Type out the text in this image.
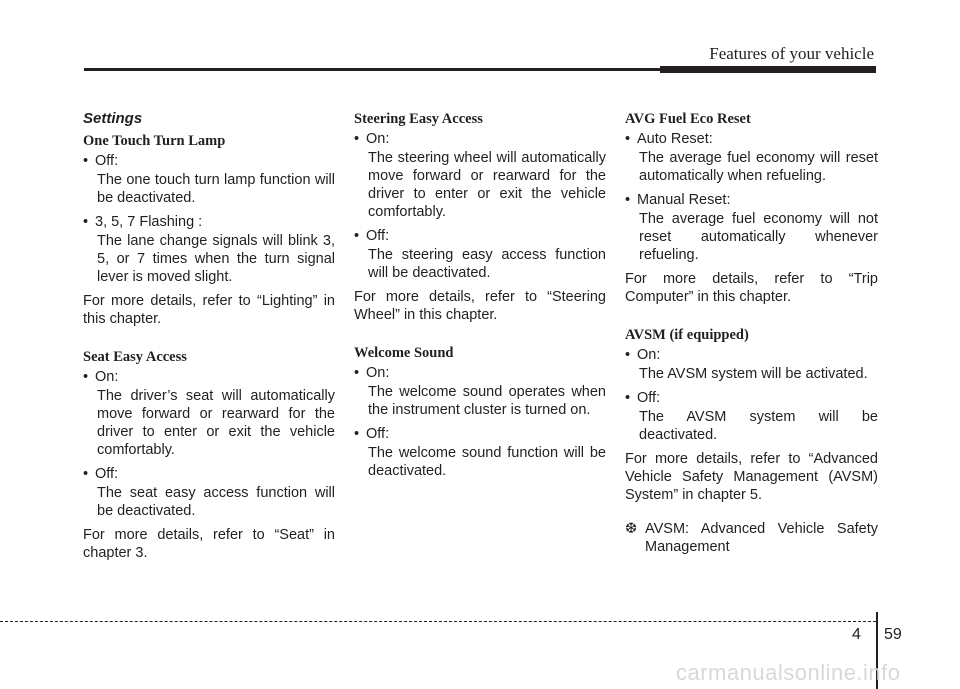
Features of your vehicle
Settings
One Touch Turn Lamp
• Off:
The one touch turn lamp function will be deactivated.
• 3, 5, 7 Flashing :
The lane change signals will blink 3, 5, or 7 times when the turn signal lever is moved slight.
For more details, refer to “Lighting” in this chapter.
Seat Easy Access
• On:
The driver’s seat will automatically move forward or rearward for the driver to enter or exit the vehicle comfortably.
• Off:
The seat easy access function will be deactivated.
For more details, refer to “Seat” in chapter 3.
Steering Easy Access
• On:
The steering wheel will automatically move forward or rearward for the driver to enter or exit the vehicle comfortably.
• Off:
The steering easy access function will be deactivated.
For more details, refer to “Steering Wheel” in this chapter.
Welcome Sound
• On:
The welcome sound operates when the instrument cluster is turned on.
• Off:
The welcome sound function will be deactivated.
AVG Fuel Eco Reset
• Auto Reset:
The average fuel economy will reset automatically when refueling.
• Manual Reset:
The average fuel economy will not reset automatically whenever refueling.
For more details, refer to “Trip Computer” in this chapter.
AVSM (if equipped)
• On:
The AVSM system will be activated.
• Off:
The AVSM system will be deactivated.
For more details, refer to “Advanced Vehicle Safety Management (AVSM) System” in chapter 5.
❆ AVSM: Advanced Vehicle Safety Management
4 59
carmanualsonline.info
